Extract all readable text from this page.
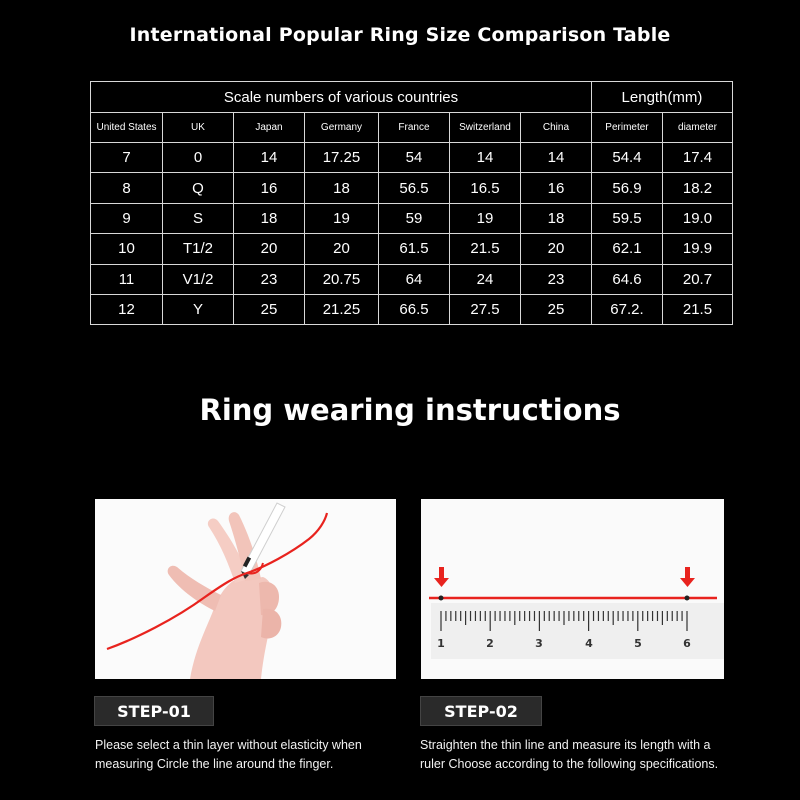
International Popular Ring Size Comparison Table
Scale numbers of various countries							Length(mm)	
United States	UK	Japan	Germany	France	Switzerland	China	Perimeter	diameter
7	0	14	17.25	54	14	14	54.4	17.4
8	Q	16	18	56.5	16.5	16	56.9	18.2
9	S	18	19	59	19	18	59.5	19.0
10	T1/2	20	20	61.5	21.5	20	62.1	19.9
11	V1/2	23	20.75	64	24	23	64.6	20.7
12	Y	25	21.25	66.5	27.5	25	67.2.	21.5
Ring wearing instructions
1	2	3	4	5	6
STEP-01	STEP-02
Please select a thin layer without elasticity when measuring Circle the line around the finger.
Straighten the thin line and measure its length with a ruler Choose according to the following specifications.
